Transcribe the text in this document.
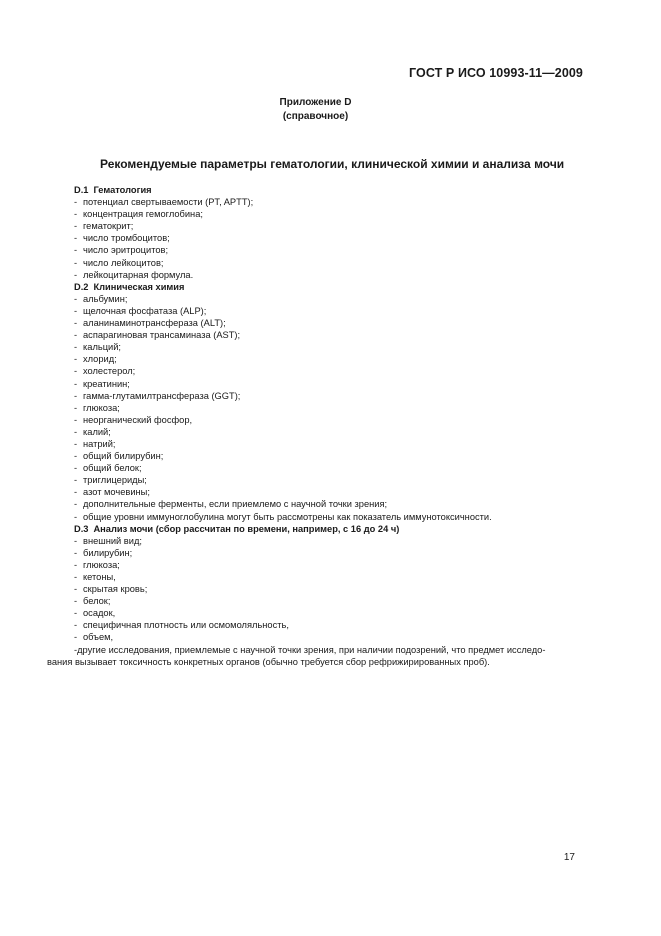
ГОСТ Р ИСО 10993-11—2009
Приложение D
(справочное)
Рекомендуемые параметры гематологии, клинической химии и анализа мочи
D.1 Гематология
- потенциал свертываемости (PT, APTT);
- концентрация гемоглобина;
- гематокрит;
- число тромбоцитов;
- число эритроцитов;
- число лейкоцитов;
- лейкоцитарная формула.
D.2 Клиническая химия
- альбумин;
- щелочная фосфатаза (ALP);
- аланинаминотрансфераза (ALT);
- аспарагиновая трансаминаза (AST);
- кальций;
- хлорид;
- холестерол;
- креатинин;
- гамма-глутамилтрансфераза (GGT);
- глюкоза;
- неорганический фосфор,
- калий;
- натрий;
- общий билирубин;
- общий белок;
- триглицериды;
- азот мочевины;
- дополнительные ферменты, если приемлемо с научной точки зрения;
- общие уровни иммуноглобулина могут быть рассмотрены как показатель иммунотоксичности.
D.3 Анализ мочи (сбор рассчитан по времени, например, с 16 до 24 ч)
- внешний вид;
- билирубин;
- глюкоза;
- кетоны,
- скрытая кровь;
- белок;
- осадок,
- специфичная плотность или осмомоляльность,
- объем,
-другие исследования, приемлемые с научной точки зрения, при наличии подозрений, что предмет исследо-
вания вызывает токсичность конкретных органов (обычно требуется сбор рефрижирированных проб).
17
